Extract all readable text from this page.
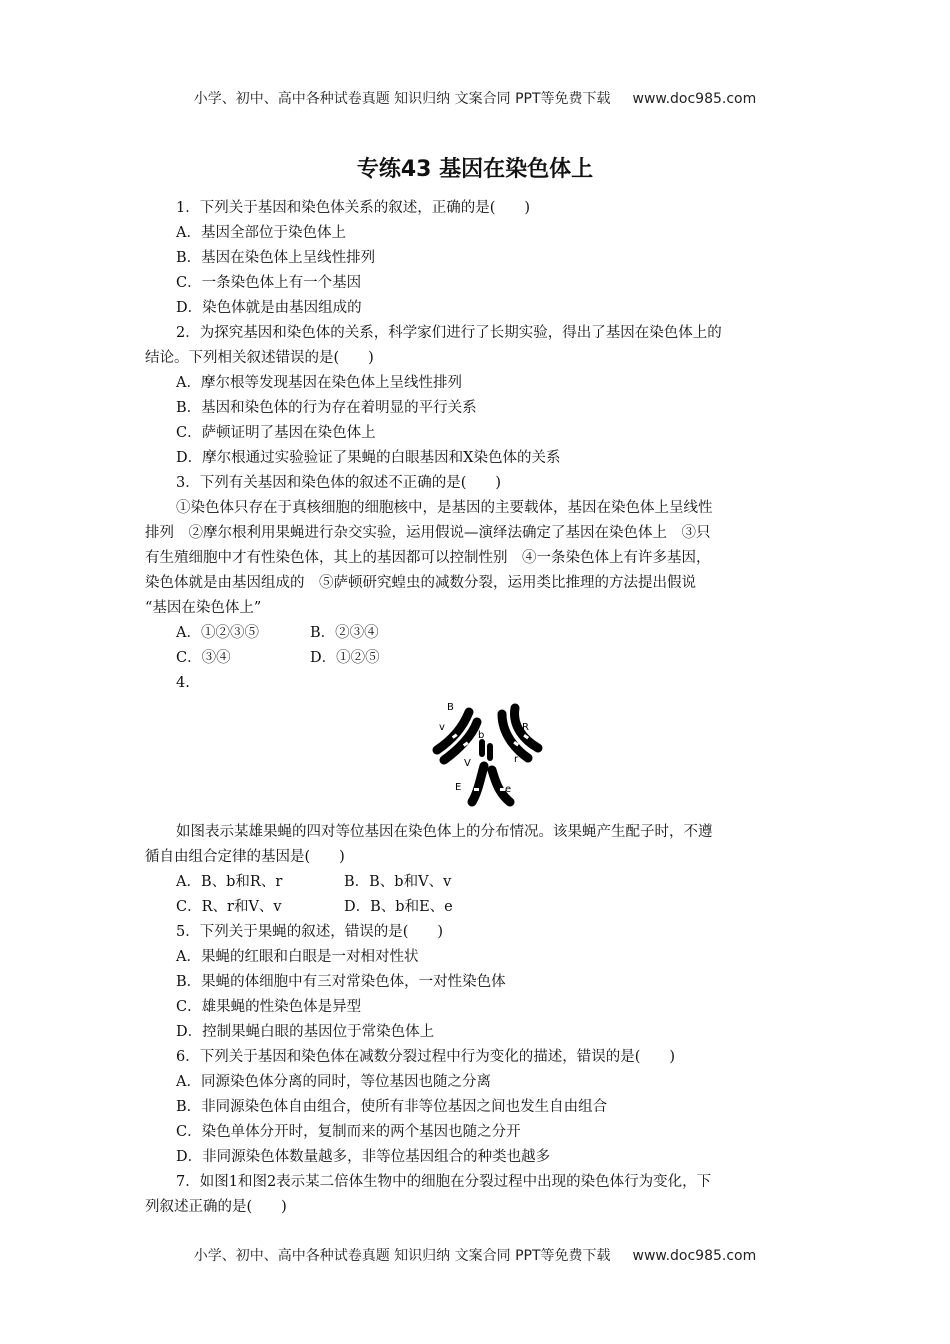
小学、初中、高中各种试卷真题 知识归纳 文案合同 PPT等免费下载 www.doc985.com
专练43 基因在染色体上
1．下列关于基因和染色体关系的叙述，正确的是(　　)
A．基因全部位于染色体上
B．基因在染色体上呈线性排列
C．一条染色体上有一个基因
D．染色体就是由基因组成的
2．为探究基因和染色体的关系，科学家们进行了长期实验，得出了基因在染色体上的
结论。下列相关叙述错误的是(　　)
A．摩尔根等发现基因在染色体上呈线性排列
B．基因和染色体的行为存在着明显的平行关系
C．萨顿证明了基因在染色体上
D．摩尔根通过实验验证了果蝇的白眼基因和X染色体的关系
3．下列有关基因和染色体的叙述不正确的是(　　)
①染色体只存在于真核细胞的细胞核中，是基因的主要载体，基因在染色体上呈线性
排列　②摩尔根利用果蝇进行杂交实验，运用假说—演绎法确定了基因在染色体上　③只
有生殖细胞中才有性染色体，其上的基因都可以控制性别　④一条染色体上有许多基因，
染色体就是由基因组成的　⑤萨顿研究蝗虫的减数分裂，运用类比推理的方法提出假说
“基因在染色体上”
A．①②③⑤	B．②③④
C．③④	D．①②⑤
4.
B
v
b
V
R
r
E	e
如图表示某雄果蝇的四对等位基因在染色体上的分布情况。该果蝇产生配子时，不遵
循自由组合定律的基因是(　　)
A．B、b和R、r	B．B、b和V、v
C．R、r和V、v	D．B、b和E、e
5．下列关于果蝇的叙述，错误的是(　　)
A．果蝇的红眼和白眼是一对相对性状
B．果蝇的体细胞中有三对常染色体，一对性染色体
C．雄果蝇的性染色体是异型
D．控制果蝇白眼的基因位于常染色体上
6．下列关于基因和染色体在减数分裂过程中行为变化的描述，错误的是(　　)
A．同源染色体分离的同时，等位基因也随之分离
B．非同源染色体自由组合，使所有非等位基因之间也发生自由组合
C．染色单体分开时，复制而来的两个基因也随之分开
D．非同源染色体数量越多，非等位基因组合的种类也越多
7．如图1和图2表示某二倍体生物中的细胞在分裂过程中出现的染色体行为变化，下
列叙述正确的是(　　)
小学、初中、高中各种试卷真题 知识归纳 文案合同 PPT等免费下载 www.doc985.com
